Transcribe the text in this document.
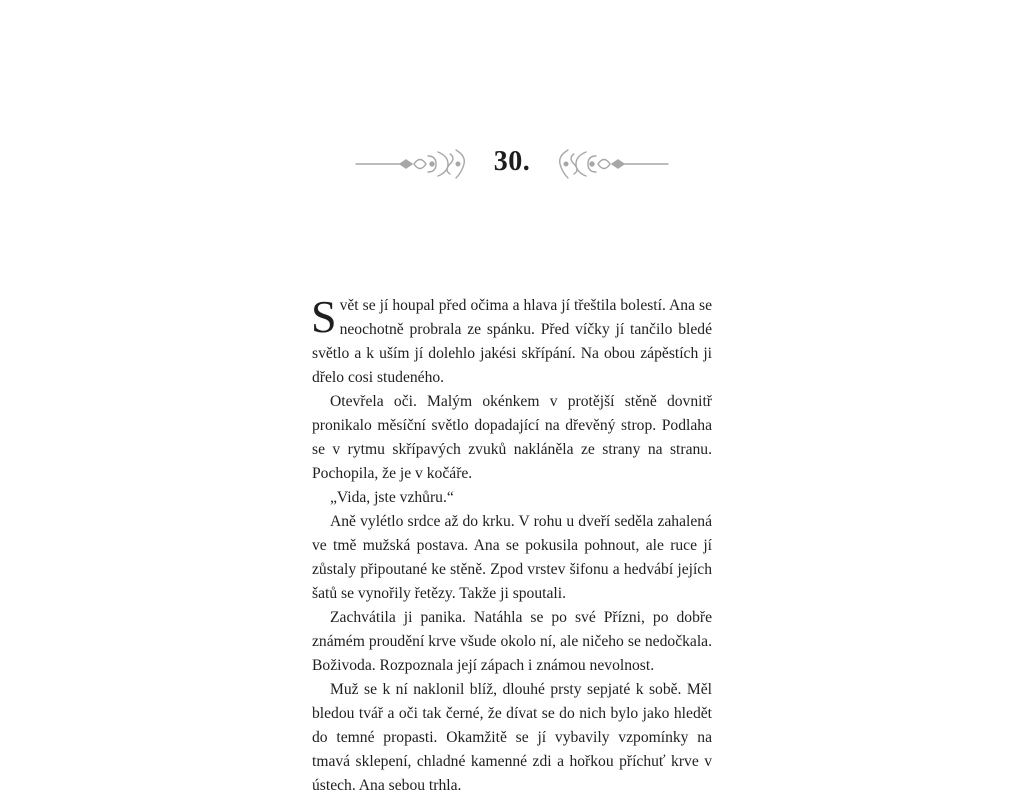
30.

Svět se jí houpal před očima a hlava jí třeštila bolestí. Ana se neochotně probrala ze spánku. Před víčky jí tančilo bledé světlo a k uším jí dolehlo jakési skřípání. Na obou zápěstích ji dřelo cosi studeného.

Otevřela oči. Malým okénkem v protější stěně dovnitř pronikalo měsíční světlo dopadající na dřevěný strop. Podlaha se v rytmu skřípavých zvuků nakláněla ze strany na stranu. Pochopila, že je v kočáře.

„Vida, jste vzhůru.“

Aně vylétlo srdce až do krku. V rohu u dveří seděla zahalená ve tmě mužská postava. Ana se pokusila pohnout, ale ruce jí zůstaly připoutané ke stěně. Zpod vrstev šifonu a hedvábí jejích šatů se vynořily řetězy. Takže ji spoutali.

Zachvátila ji panika. Natáhla se po své Přízni, po dobře známém proudění krve všude okolo ní, ale ničeho se nedočkala. Boživoda. Rozpoznala její zápach i známou nevolnost.

Muž se k ní naklonil blíž, dlouhé prsty sepjaté k sobě. Měl bledou tvář a oči tak černé, že dívat se do nich bylo jako hledět do temné propasti. Okamžitě se jí vybavily vzpomínky na tmavá sklepení, chladné kamenné zdi a hořkou příchuť krve v ústech. Ana sebou trhla.
